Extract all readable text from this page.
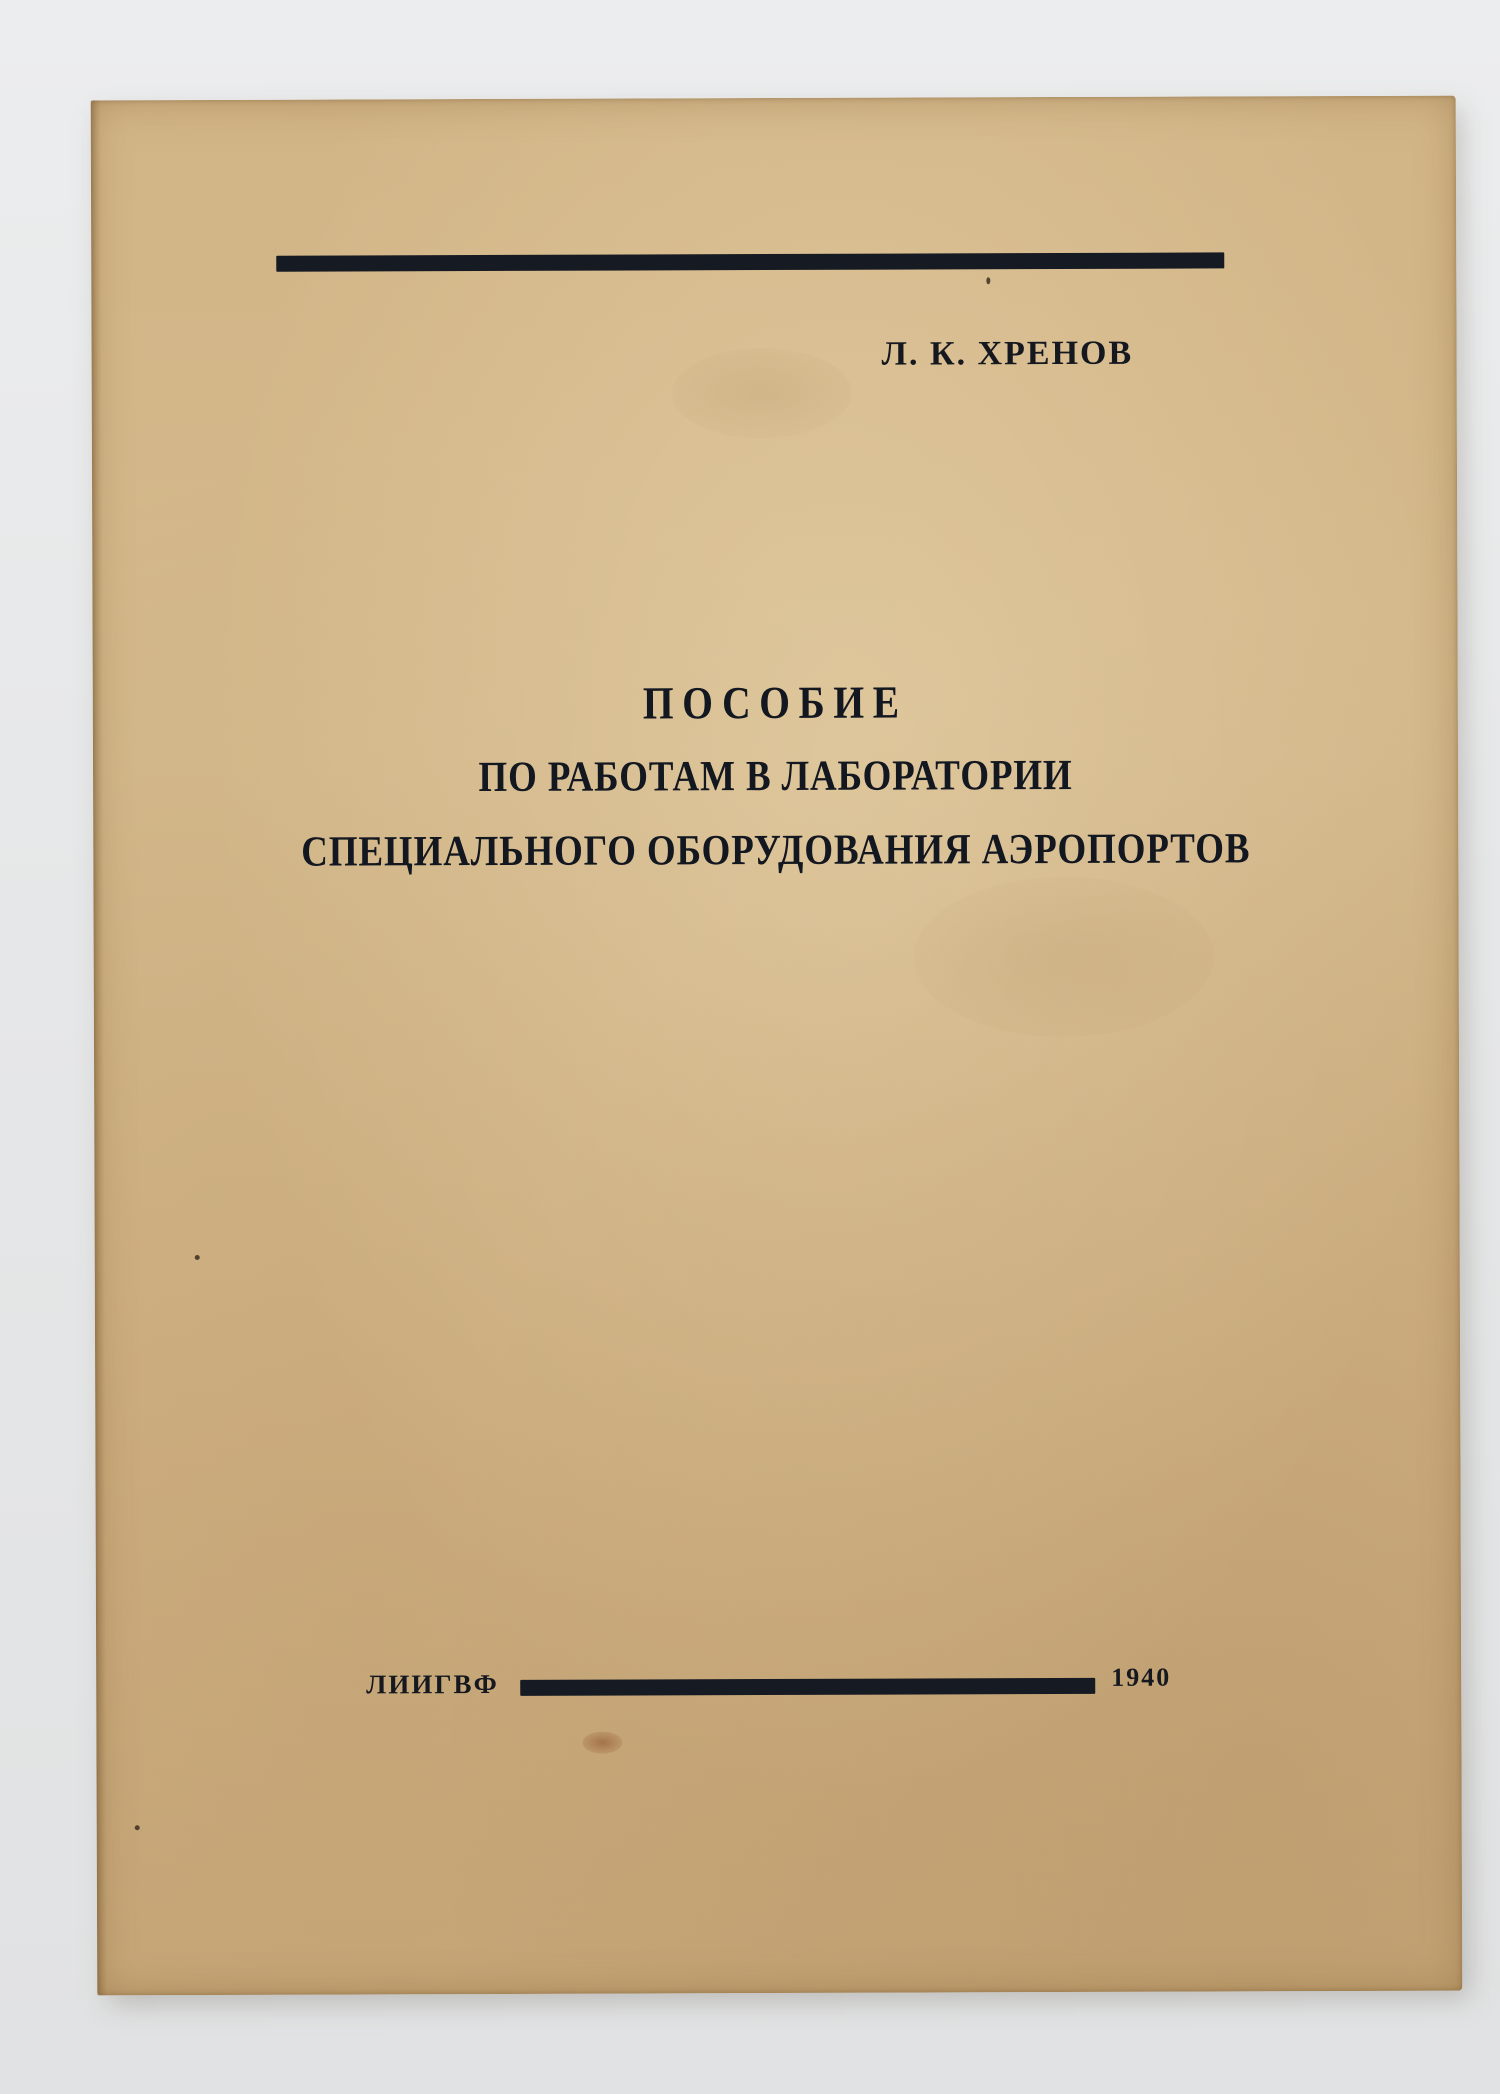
Л. К. ХРЕНОВ
ПОСОБИЕ
ПО РАБОТАМ В ЛАБОРАТОРИИ
СПЕЦИАЛЬНОГО ОБОРУДОВАНИЯ АЭРОПОРТОВ
ЛИИГВФ	1940
